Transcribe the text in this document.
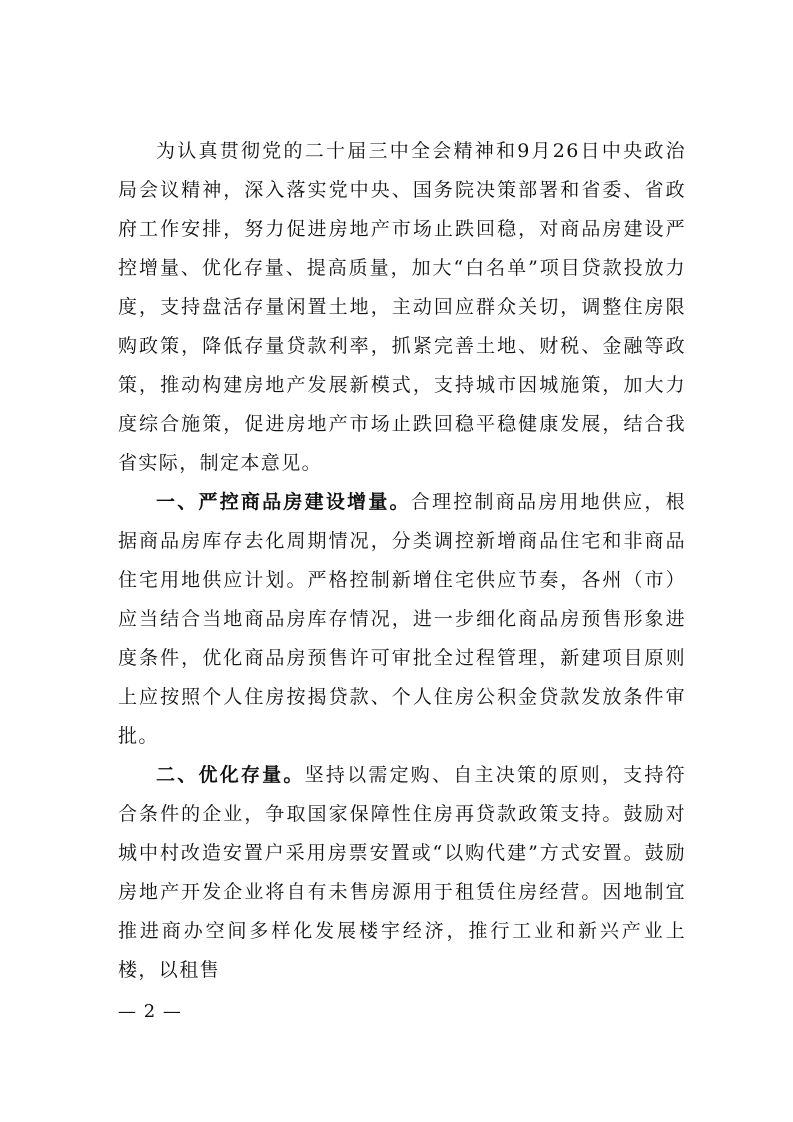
为认真贯彻党的二十届三中全会精神和9月26日中央政治局会议精神，深入落实党中央、国务院决策部署和省委、省政府工作安排，努力促进房地产市场止跌回稳，对商品房建设严控增量、优化存量、提高质量，加大“白名单”项目贷款投放力度，支持盘活存量闲置土地，主动回应群众关切，调整住房限购政策，降低存量贷款利率，抓紧完善土地、财税、金融等政策，推动构建房地产发展新模式，支持城市因城施策，加大力度综合施策，促进房地产市场止跌回稳平稳健康发展，结合我省实际，制定本意见。

一、严控商品房建设增量。合理控制商品房用地供应，根据商品房库存去化周期情况，分类调控新增商品住宅和非商品住宅用地供应计划。严格控制新增住宅供应节奏，各州（市）应当结合当地商品房库存情况，进一步细化商品房预售形象进度条件，优化商品房预售许可审批全过程管理，新建项目原则上应按照个人住房按揭贷款、个人住房公积金贷款发放条件审批。

二、优化存量。坚持以需定购、自主决策的原则，支持符合条件的企业，争取国家保障性住房再贷款政策支持。鼓励对城中村改造安置户采用房票安置或“以购代建”方式安置。鼓励房地产开发企业将自有未售房源用于租赁住房经营。因地制宜推进商办空间多样化发展楼宇经济，推行工业和新兴产业上楼，以租售

— 2 —
